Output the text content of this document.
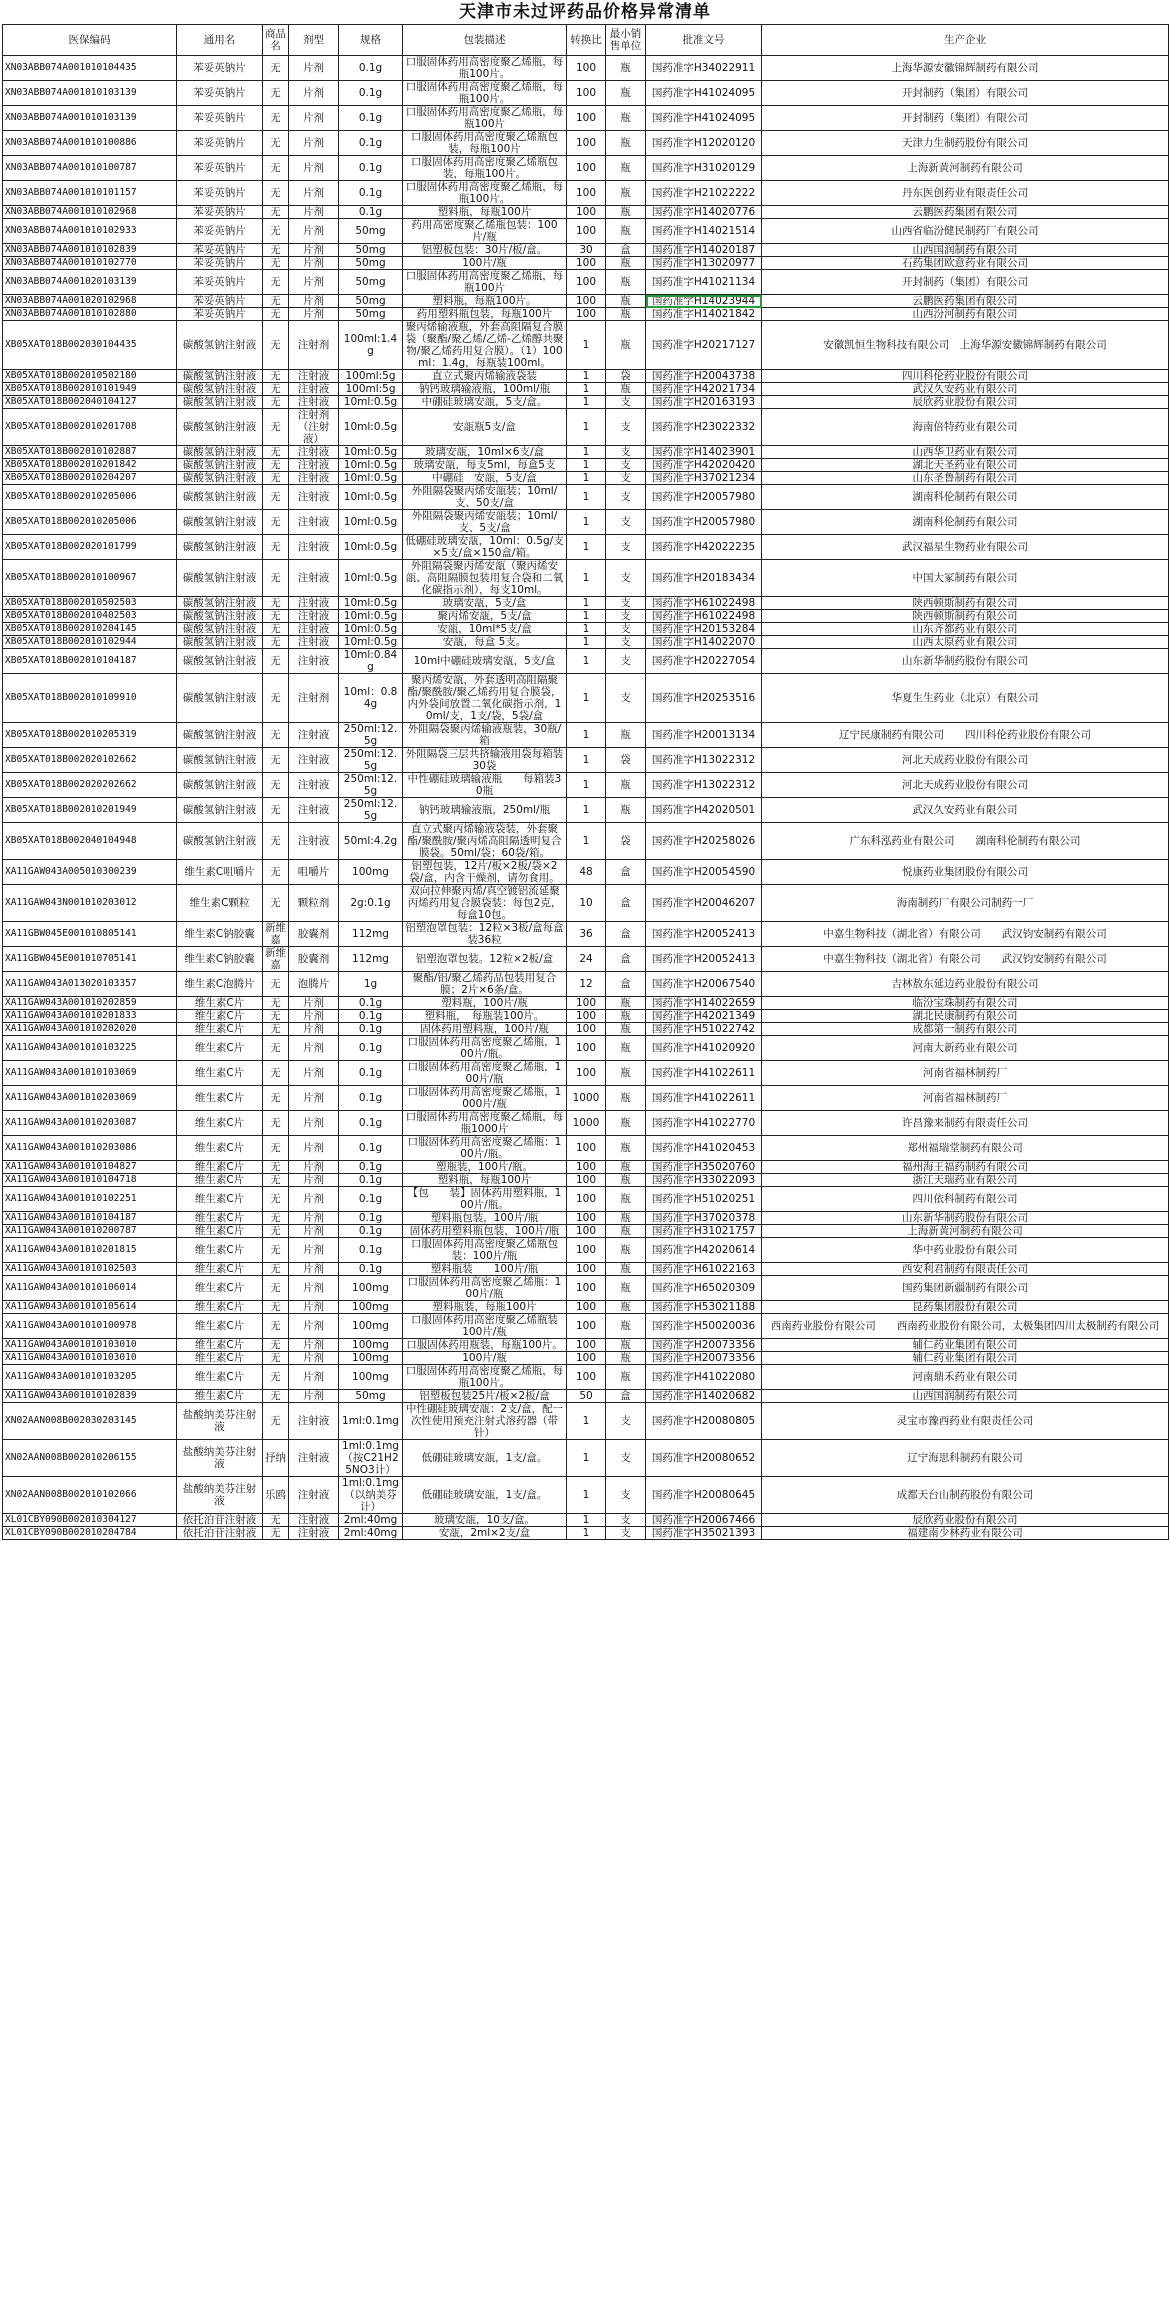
天津市未过评药品价格异常清单
医保编码	通用名	商品名	剂型	规格	包装描述	转换比	最小销售单位	批准文号	生产企业
XN03ABB074A001010104435	苯妥英钠片	无	片剂	0.1g	口服固体药用高密度聚乙烯瓶，每瓶100片。	100	瓶	国药准字H34022911	上海华源安徽锦辉制药有限公司
XN03ABB074A001010103139	苯妥英钠片	无	片剂	0.1g	口服固体药用高密度聚乙烯瓶，每瓶100片。	100	瓶	国药准字H41024095	开封制药（集团）有限公司
XN03ABB074A001010103139	苯妥英钠片	无	片剂	0.1g	口服固体药用高密度聚乙烯瓶，每瓶100片	100	瓶	国药准字H41024095	开封制药（集团）有限公司
XN03ABB074A001010100886	苯妥英钠片	无	片剂	0.1g	口服固体药用高密度聚乙烯瓶包装，每瓶100片	100	瓶	国药准字H12020120	天津力生制药股份有限公司
XN03ABB074A001010100787	苯妥英钠片	无	片剂	0.1g	口服固体药用高密度聚乙烯瓶包装，每瓶100片。	100	瓶	国药准字H31020129	上海新黄河制药有限公司
XN03ABB074A001010101157	苯妥英钠片	无	片剂	0.1g	口服固体药用高密度聚乙烯瓶，每瓶100片。	100	瓶	国药准字H21022222	丹东医创药业有限责任公司
XN03ABB074A001010102968	苯妥英钠片	无	片剂	0.1g	塑料瓶，每瓶100片	100	瓶	国药准字H14020776	云鹏医药集团有限公司
XN03ABB074A001010102933	苯妥英钠片	无	片剂	50mg	药用高密度聚乙烯瓶包装：100片/瓶	100	瓶	国药准字H14021514	山西省临汾健民制药厂有限公司
XN03ABB074A001010102839	苯妥英钠片	无	片剂	50mg	铝塑板包装：30片/板/盒。	30	盒	国药准字H14020187	山西国润制药有限公司
XN03ABB074A001010102770	苯妥英钠片	无	片剂	50mg	100片/瓶	100	瓶	国药准字H13020977	石药集团欧意药业有限公司
XN03ABB074A001020103139	苯妥英钠片	无	片剂	50mg	口服固体药用高密度聚乙烯瓶，每瓶100片	100	瓶	国药准字H41021134	开封制药（集团）有限公司
XN03ABB074A001020102968	苯妥英钠片	无	片剂	50mg	塑料瓶，每瓶100片。	100	瓶	国药准字H14023944	云鹏医药集团有限公司
XN03ABB074A001010102880	苯妥英钠片	无	片剂	50mg	药用塑料瓶包装，每瓶100片	100	瓶	国药准字H14021842	山西汾河制药有限公司
XB05XAT018B002030104435	碳酸氢钠注射液	无	注射剂	100ml:1.4g	聚丙烯输液瓶，外套高阻隔复合膜袋（聚酯/聚乙烯/乙烯-乙烯醇共聚物/聚乙烯药用复合膜）。（1）100ml：1.4g，每瓶装100ml。	1	瓶	国药准字H20217127	安徽凯恒生物科技有限公司　上海华源安徽锦辉制药有限公司
XB05XAT018B002010502180	碳酸氢钠注射液	无	注射液	100ml:5g	直立式聚丙烯输液袋装	1	袋	国药准字H20043738	四川科伦药业股份有限公司
XB05XAT018B002010101949	碳酸氢钠注射液	无	注射液	100ml:5g	钠钙玻璃输液瓶，100ml/瓶	1	瓶	国药准字H42021734	武汉久安药业有限公司
XB05XAT018B002040104127	碳酸氢钠注射液	无	注射液	10ml:0.5g	中硼硅玻璃安瓿，5支/盒。	1	支	国药准字H20163193	辰欣药业股份有限公司
XB05XAT018B002010201708	碳酸氢钠注射液	无	注射剂（注射液）	10ml:0.5g	安瓿瓶5支/盒	1	支	国药准字H23022332	海南倍特药业有限公司
XB05XAT018B002010102887	碳酸氢钠注射液	无	注射液	10ml:0.5g	玻璃安瓿，10ml×6支/盒	1	支	国药准字H14023901	山西华卫药业有限公司
XB05XAT018B002010201842	碳酸氢钠注射液	无	注射液	10ml:0.5g	玻璃安瓿，每支5ml，每盒5支	1	支	国药准字H42020420	湖北天圣药业有限公司
XB05XAT018B002010204207	碳酸氢钠注射液	无	注射液	10ml:0.5g	中硼硅　安瓿，5支/盒	1	支	国药准字H37021234	山东圣鲁制药有限公司
XB05XAT018B002010205006	碳酸氢钠注射液	无	注射液	10ml:0.5g	外阻隔袋聚丙烯安瓿装；10ml/支、50支/盒	1	支	国药准字H20057980	湖南科伦制药有限公司
XB05XAT018B002010205006	碳酸氢钠注射液	无	注射液	10ml:0.5g	外阻隔袋聚丙烯安瓿装；10ml/支、5支/盒	1	支	国药准字H20057980	湖南科伦制药有限公司
XB05XAT018B002020101799	碳酸氢钠注射液	无	注射液	10ml:0.5g	低硼硅玻璃安瓿，10ml：0.5g/支×5支/盒×150盒/箱。	1	支	国药准字H42022235	武汉福星生物药业有限公司
XB05XAT018B002010100967	碳酸氢钠注射液	无	注射液	10ml:0.5g	外阻隔袋聚丙烯安瓿（聚丙烯安瓿、高阻隔膜包装用复合袋和二氧化碳指示剂），每支10ml。	1	支	国药准字H20183434	中国大冢制药有限公司
XB05XAT018B002010502503	碳酸氢钠注射液	无	注射液	10ml:0.5g	玻璃安瓿，5支/盒	1	支	国药准字H61022498	陕西顿斯制药有限公司
XB05XAT018B002010402503	碳酸氢钠注射液	无	注射液	10ml:0.5g	聚丙烯安瓿，5支/盒	1	支	国药准字H61022498	陕西顿斯制药有限公司
XB05XAT018B002010204145	碳酸氢钠注射液	无	注射液	10ml:0.5g	安瓿，10ml*5支/盒	1	支	国药准字H20153284	山东齐都药业有限公司
XB05XAT018B002010102944	碳酸氢钠注射液	无	注射液	10ml:0.5g	安瓿，每盒 5支。	1	支	国药准字H14022070	山西太原药业有限公司
XB05XAT018B002010104187	碳酸氢钠注射液	无	注射液	10ml:0.84g	10ml中硼硅玻璃安瓿，5支/盒	1	支	国药准字H20227054	山东新华制药股份有限公司
XB05XAT018B002010109910	碳酸氢钠注射液	无	注射剂	10ml：0.84g	聚丙烯安瓿，外套透明高阻隔聚酯/聚酰胺/聚乙烯药用复合膜袋，内外袋间放置二氧化碳指示剂，10ml/支，1支/袋，5袋/盒	1	支	国药准字H20253516	华夏生生药业（北京）有限公司
XB05XAT018B002010205319	碳酸氢钠注射液	无	注射液	250ml:12.5g	外阻隔袋聚丙烯输液瓶装，30瓶/箱	1	瓶	国药准字H20013134	辽宁民康制药有限公司　　四川科伦药业股份有限公司
XB05XAT018B002020102662	碳酸氢钠注射液	无	注射液	250ml:12.5g	外阻隔袋三层共挤输液用袋每箱装30袋	1	袋	国药准字H13022312	河北天成药业股份有限公司
XB05XAT018B002020202662	碳酸氢钠注射液	无	注射液	250ml:12.5g	中性硼硅玻璃输液瓶　　每箱装30瓶	1	瓶	国药准字H13022312	河北天成药业股份有限公司
XB05XAT018B002010201949	碳酸氢钠注射液	无	注射液	250ml:12.5g	钠钙玻璃输液瓶，250ml/瓶	1	瓶	国药准字H42020501	武汉久安药业有限公司
XB05XAT018B002040104948	碳酸氢钠注射液	无	注射液	50ml:4.2g	直立式聚丙烯输液袋装，外套聚酯/聚酰胺/聚丙烯高阻隔透明复合膜袋。50ml/袋；60袋/箱。	1	袋	国药准字H20258026	广东科泓药业有限公司　　湖南科伦制药有限公司
XA11GAW043A005010300239	维生素C咀嚼片	无	咀嚼片	100mg	铝塑包装，12片/板×2板/袋×2袋/盒，内含干燥剂，请勿食用。	48	盒	国药准字H20054590	悦康药业集团股份有限公司
XA11GAW043N001010203012	维生素C颗粒	无	颗粒剂	2g:0.1g	双向拉伸聚丙烯/真空镀铝流延聚丙烯药用复合膜袋装：每包2克，每盒10包。	10	盒	国药准字H20046207	海南制药厂有限公司制药一厂
XA11GBW045E001010805141	维生素C钠胶囊	新维嘉	胶囊剂	112mg	铝塑泡罩包装：12粒×3板/盒每盒装36粒	36	盒	国药准字H20052413	中嘉生物科技（湖北省）有限公司　　武汉钧安制药有限公司
XA11GBW045E001010705141	维生素C钠胶囊	新维嘉	胶囊剂	112mg	铝塑泡罩包装。12粒×2板/盒	24	盒	国药准字H20052413	中嘉生物科技（湖北省）有限公司　　武汉钧安制药有限公司
XA11GAW043A013020103357	维生素C泡腾片	无	泡腾片	1g	聚酯/铝/聚乙烯药品包装用复合膜；2片×6条/盒。	12	盒	国药准字H20067540	吉林敖东延边药业股份有限公司
XA11GAW043A001010202859	维生素C片	无	片剂	0.1g	塑料瓶，100片/瓶	100	瓶	国药准字H14022659	临汾宝珠制药有限公司
XA11GAW043A001010201833	维生素C片	无	片剂	0.1g	塑料瓶，　每瓶装100片。	100	瓶	国药准字H42021349	湖北民康制药有限公司
XA11GAW043A001010202020	维生素C片	无	片剂	0.1g	固体药用塑料瓶，100片/瓶	100	瓶	国药准字H51022742	成都第一制药有限公司
XA11GAW043A001010103225	维生素C片	无	片剂	0.1g	口服固体药用高密度聚乙烯瓶，100片/瓶。	100	瓶	国药准字H41020920	河南大新药业有限公司
XA11GAW043A001010103069	维生素C片	无	片剂	0.1g	口服固体药用高密度聚乙烯瓶，100片/瓶	100	瓶	国药准字H41022611	河南省福林制药厂
XA11GAW043A001010203069	维生素C片	无	片剂	0.1g	口服固体药用高密度聚乙烯瓶，1000片/瓶	1000	瓶	国药准字H41022611	河南省福林制药厂
XA11GAW043A001010203087	维生素C片	无	片剂	0.1g	口服固体药用高密度聚乙烯瓶，每瓶1000片	1000	瓶	国药准字H41022770	许昌豫来制药有限责任公司
XA11GAW043A001010203086	维生素C片	无	片剂	0.1g	口服固体药用高密度聚乙烯瓶：100片/瓶。	100	瓶	国药准字H41020453	郑州福瑞堂制药有限公司
XA11GAW043A001010104827	维生素C片	无	片剂	0.1g	塑瓶装，100片/瓶。	100	瓶	国药准字H35020760	福州海王福药制药有限公司
XA11GAW043A001010104718	维生素C片	无	片剂	0.1g	塑料瓶，每瓶100片	100	瓶	国药准字H33022093	浙江天瑞药业有限公司
XA11GAW043A001010102251	维生素C片	无	片剂	0.1g	【包　　装】固体药用塑料瓶，100片/瓶。	100	瓶	国药准字H51020251	四川依科制药有限公司
XA11GAW043A001010104187	维生素C片	无	片剂	0.1g	塑料瓶包装，100片/瓶	100	瓶	国药准字H37020378	山东新华制药股份有限公司
XA11GAW043A001010200787	维生素C片	无	片剂	0.1g	固体药用塑料瓶包装，100片/瓶	100	瓶	国药准字H31021757	上海新黄河制药有限公司
XA11GAW043A001010201815	维生素C片	无	片剂	0.1g	口服固体药用高密度聚乙烯瓶包装：100片/瓶	100	瓶	国药准字H42020614	华中药业股份有限公司
XA11GAW043A001010102503	维生素C片	无	片剂	0.1g	塑料瓶装　　100片/瓶	100	瓶	国药准字H61022163	西安利君制药有限责任公司
XA11GAW043A001010106014	维生素C片	无	片剂	100mg	口服固体药用高密度聚乙烯瓶：100片/瓶	100	瓶	国药准字H65020309	国药集团新疆制药有限公司
XA11GAW043A001010105614	维生素C片	无	片剂	100mg	塑料瓶装，每瓶100片	100	瓶	国药准字H53021188	昆药集团股份有限公司
XA11GAW043A001010100978	维生素C片	无	片剂	100mg	口服固体药用高密度聚乙烯瓶装　　100片/瓶	100	瓶	国药准字H50020036	西南药业股份有限公司　　西南药业股份有限公司，太极集团四川太极制药有限公司
XA11GAW043A001010103010	维生素C片	无	片剂	100mg	口服固体药用瓶装，每瓶100片。	100	瓶	国药准字H20073356	辅仁药业集团有限公司
XA11GAW043A001010103010	维生素C片	无	片剂	100mg	100片/瓶	100	瓶	国药准字H20073356	辅仁药业集团有限公司
XA11GAW043A001010103205	维生素C片	无	片剂	100mg	口服固体药用高密度聚乙烯瓶，每瓶100片。	100	瓶	国药准字H41022080	河南鼎禾药业有限公司
XA11GAW043A001010102839	维生素C片	无	片剂	50mg	铝塑板包装25片/板×2板/盒	50	盒	国药准字H14020682	山西国润制药有限公司
XN02AAN008B002030203145	盐酸纳美芬注射液	无	注射液	1ml:0.1mg	中性硼硅玻璃安瓿：2支/盒，配一次性使用预充注射式溶药器（带针）	1	支	国药准字H20080805	灵宝市豫西药业有限责任公司
XN02AAN008B002010206155	盐酸纳美芬注射液	抒纳	注射液	1ml:0.1mg（按C21H25NO3计）	低硼硅玻璃安瓿，1支/盒。	1	支	国药准字H20080652	辽宁海思科制药有限公司
XN02AAN008B002010102066	盐酸纳美芬注射液	乐鸥	注射液	1ml:0.1mg（以纳美芬计）	低硼硅玻璃安瓿，1支/盒。	1	支	国药准字H20080645	成都天台山制药股份有限公司
XL01CBY090B002010304127	依托泊苷注射液	无	注射液	2ml:40mg	玻璃安瓿，10支/盒。	1	支	国药准字H20067466	辰欣药业股份有限公司
XL01CBY090B002010204784	依托泊苷注射液	无	注射液	2ml:40mg	安瓿，2ml×2支/盒	1	支	国药准字H35021393	福建南少林药业有限公司
